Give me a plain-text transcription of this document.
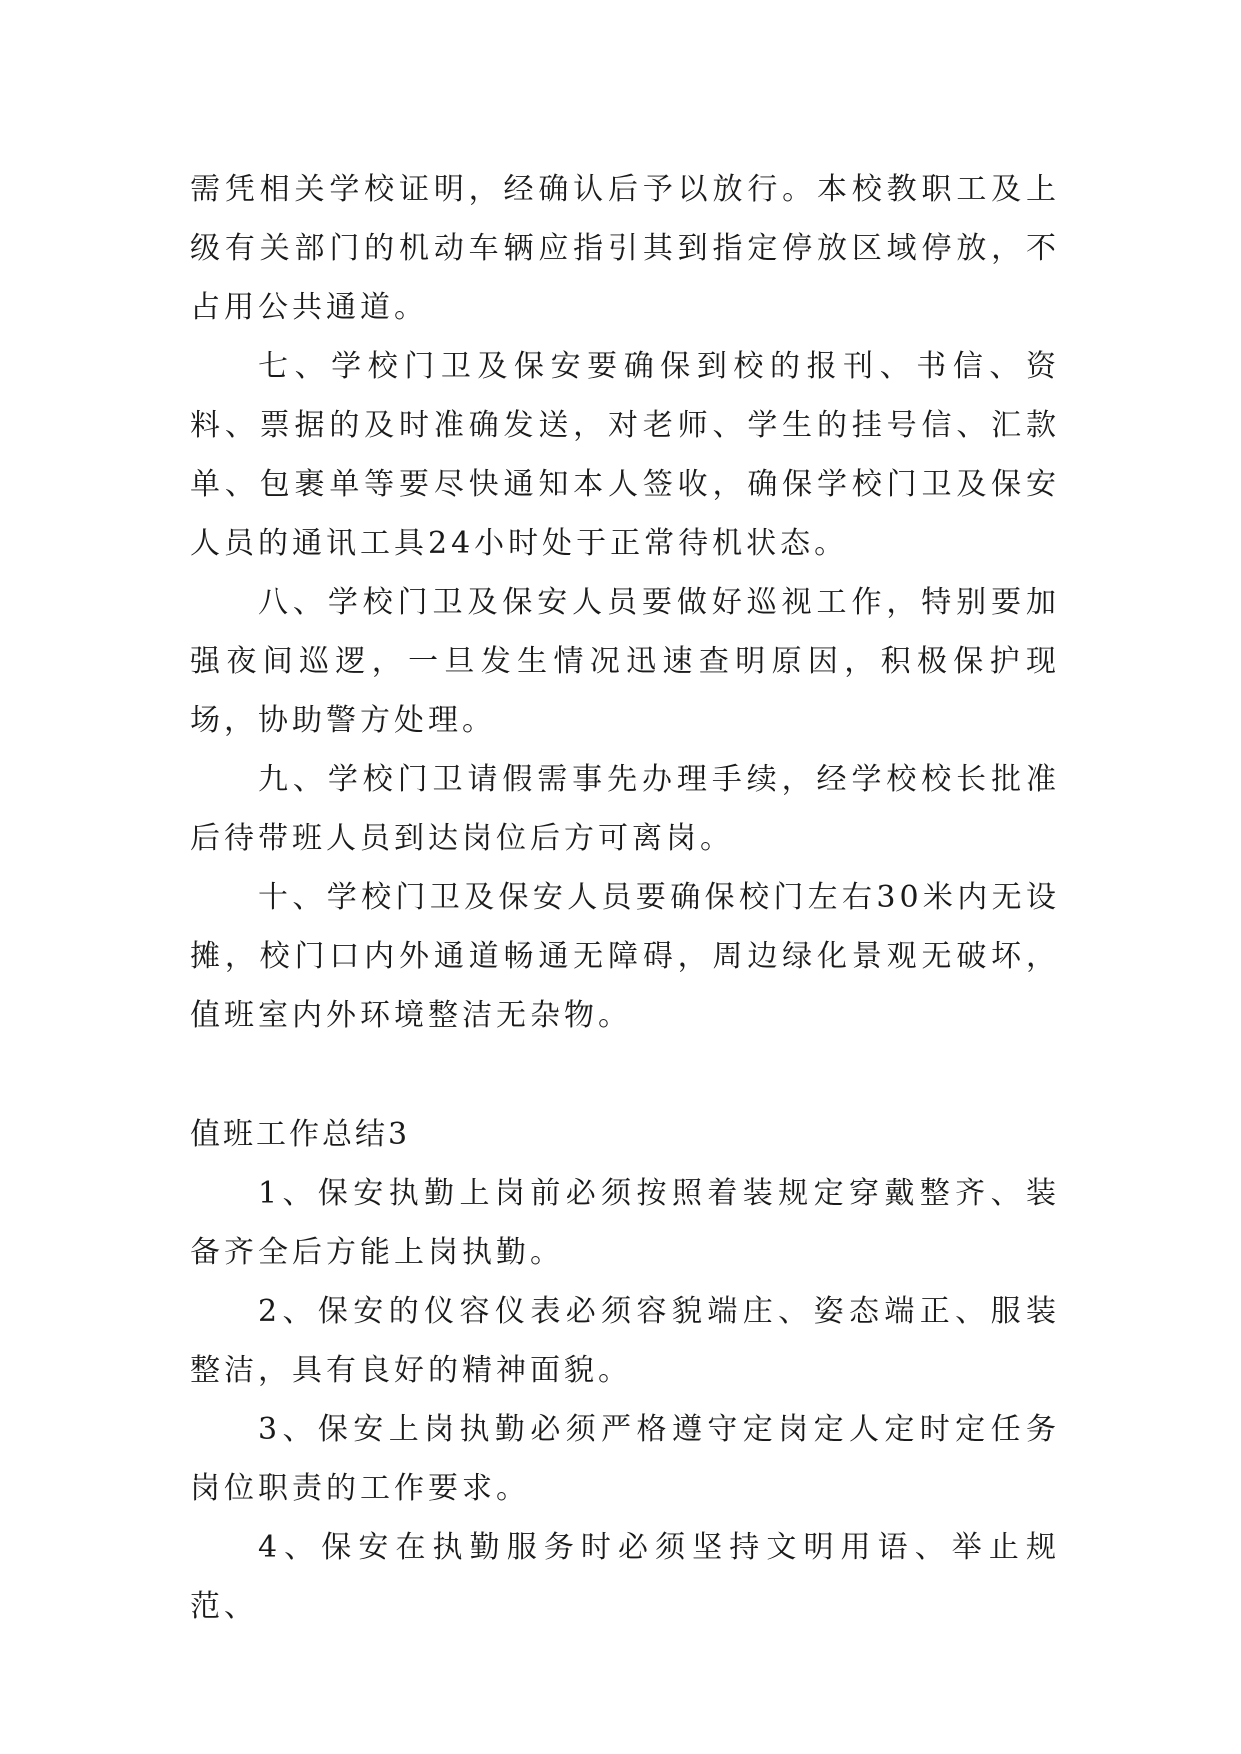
需凭相关学校证明，经确认后予以放行。本校教职工及上级有关部门的机动车辆应指引其到指定停放区域停放，不占用公共通道。

七、学校门卫及保安要确保到校的报刊、书信、资料、票据的及时准确发送，对老师、学生的挂号信、汇款单、包裹单等要尽快通知本人签收，确保学校门卫及保安人员的通讯工具24小时处于正常待机状态。

八、学校门卫及保安人员要做好巡视工作，特别要加强夜间巡逻，一旦发生情况迅速查明原因，积极保护现场，协助警方处理。

九、学校门卫请假需事先办理手续，经学校校长批准后待带班人员到达岗位后方可离岗。

十、学校门卫及保安人员要确保校门左右30米内无设摊，校门口内外通道畅通无障碍，周边绿化景观无破坏，值班室内外环境整洁无杂物。

值班工作总结3

1、保安执勤上岗前必须按照着装规定穿戴整齐、装备齐全后方能上岗执勤。

2、保安的仪容仪表必须容貌端庄、姿态端正、服装整洁，具有良好的精神面貌。

3、保安上岗执勤必须严格遵守定岗定人定时定任务岗位职责的工作要求。

4、保安在执勤服务时必须坚持文明用语、举止规范、
